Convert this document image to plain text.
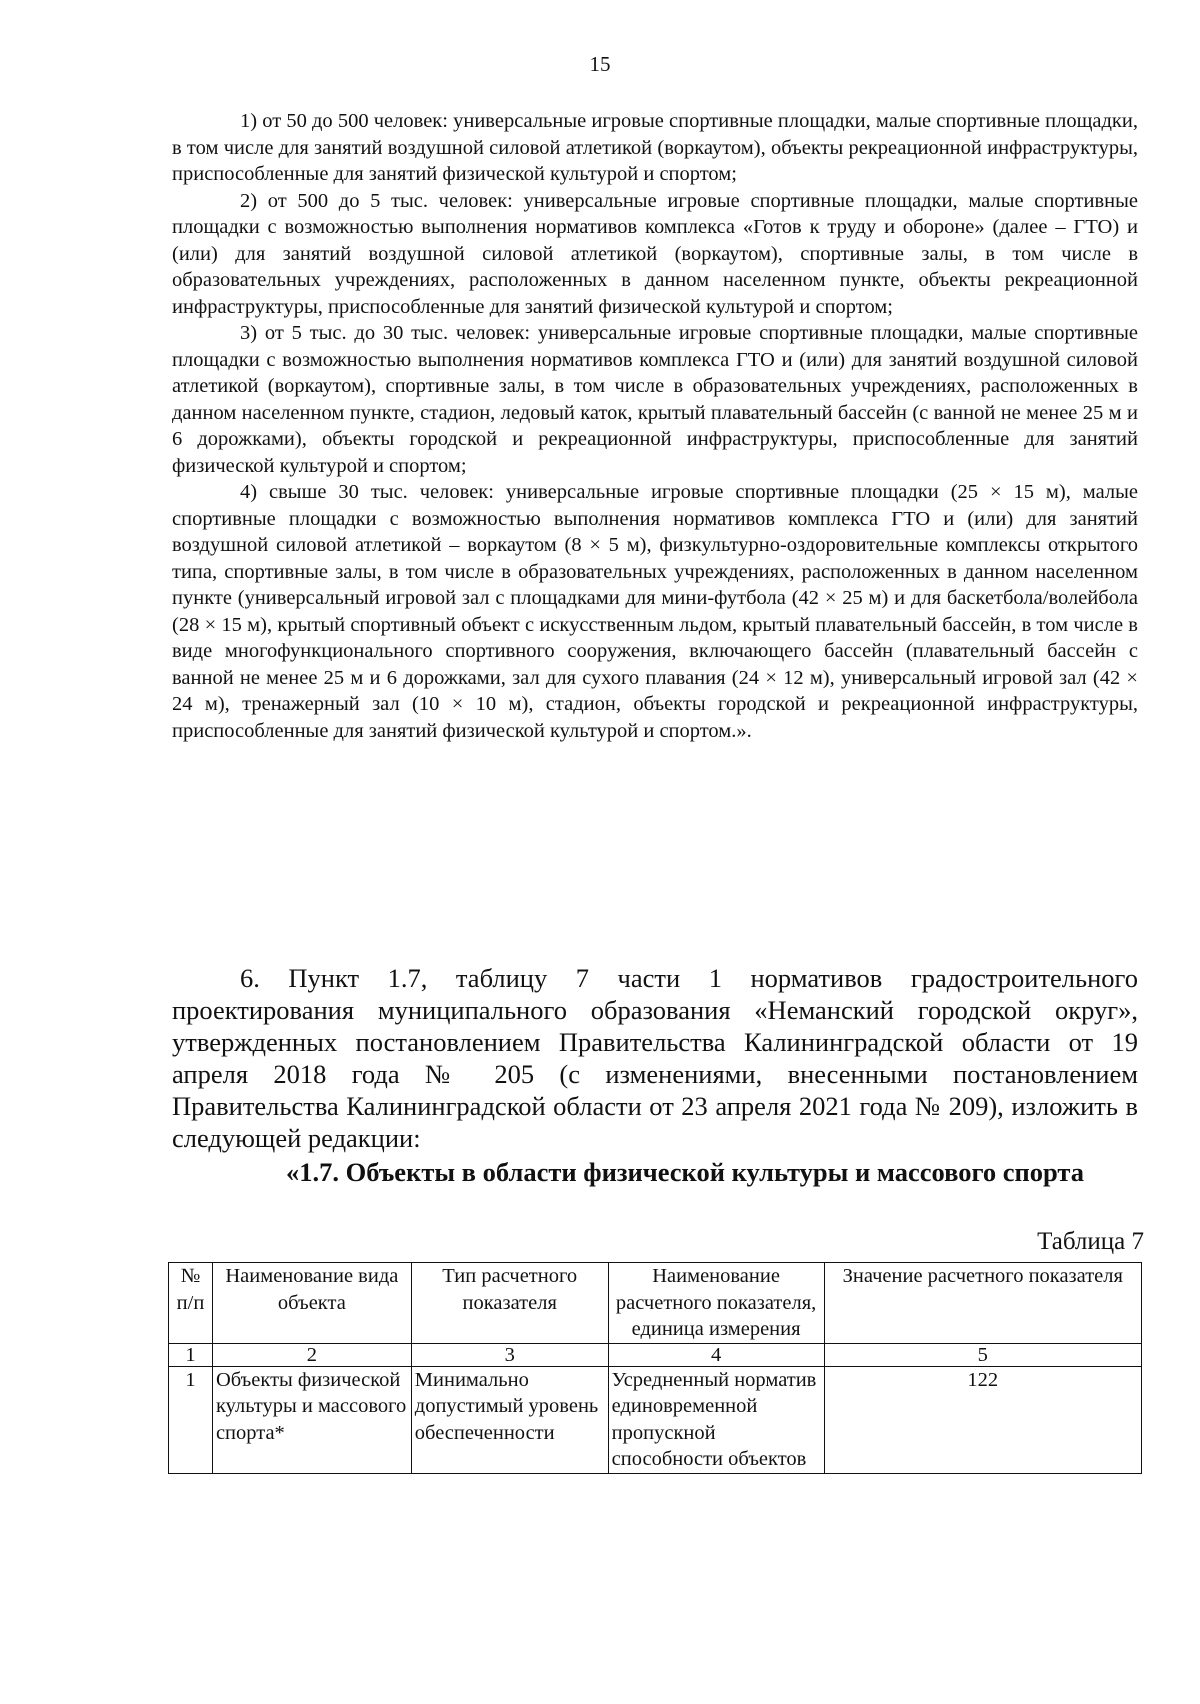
15

1) от 50 до 500 человек: универсальные игровые спортивные площадки, малые спортивные площадки, в том числе для занятий воздушной силовой атлетикой (воркаутом), объекты рекреационной инфраструктуры, приспособленные для занятий физической культурой и спортом;

2) от 500 до 5 тыс. человек: универсальные игровые спортивные площадки, малые спортивные площадки с возможностью выполнения нормативов комплекса «Готов к труду и обороне» (далее – ГТО) и (или) для занятий воздушной силовой атлетикой (воркаутом), спортивные залы, в том числе в образовательных учреждениях, расположенных в данном населенном пункте, объекты рекреационной инфраструктуры, приспособленные для занятий физической культурой и спортом;

3) от 5 тыс. до 30 тыс. человек: универсальные игровые спортивные площадки, малые спортивные площадки с возможностью выполнения нормативов комплекса ГТО и (или) для занятий воздушной силовой атлетикой (воркаутом), спортивные залы, в том числе в образовательных учреждениях, расположенных в данном населенном пункте, стадион, ледовый каток, крытый плавательный бассейн (с ванной не менее 25 м и 6 дорожками), объекты городской и рекреационной инфраструктуры, приспособленные для занятий физической культурой и спортом;

4) свыше 30 тыс. человек: универсальные игровые спортивные площадки (25 × 15 м), малые спортивные площадки с возможностью выполнения нормативов комплекса ГТО и (или) для занятий воздушной силовой атлетикой – воркаутом (8 × 5 м), физкультурно-оздоровительные комплексы открытого типа, спортивные залы, в том числе в образовательных учреждениях, расположенных в данном населенном пункте (универсальный игровой зал с площадками для мини-футбола (42 × 25 м) и для баскетбола/волейбола (28 × 15 м), крытый спортивный объект с искусственным льдом, крытый плавательный бассейн, в том числе в виде многофункционального спортивного сооружения, включающего бассейн (плавательный бассейн с ванной не менее 25 м и 6 дорожками, зал для сухого плавания (24 × 12 м), универсальный игровой зал (42 × 24 м), тренажерный зал (10 × 10 м), стадион, объекты городской и рекреационной инфраструктуры, приспособленные для занятий физической культурой и спортом.».

6. Пункт 1.7, таблицу 7 части 1 нормативов градостроительного проектирования муниципального образования «Неманский городской округ», утвержденных постановлением Правительства Калининградской области от 19 апреля 2018 года № 205 (с изменениями, внесенными постановлением Правительства Калининградской области от 23 апреля 2021 года № 209), изложить в следующей редакции:

«1.7. Объекты в области физической культуры и массового спорта

Таблица 7
№ п/п	Наименование вида объекта	Тип расчетного показателя	Наименование расчетного показателя, единица измерения	Значение расчетного показателя
1	2	3	4	5
1	Объекты физической культуры и массового спорта*	Минимально допустимый уровень обеспеченности	Усредненный норматив единовременной пропускной способности объектов	122
